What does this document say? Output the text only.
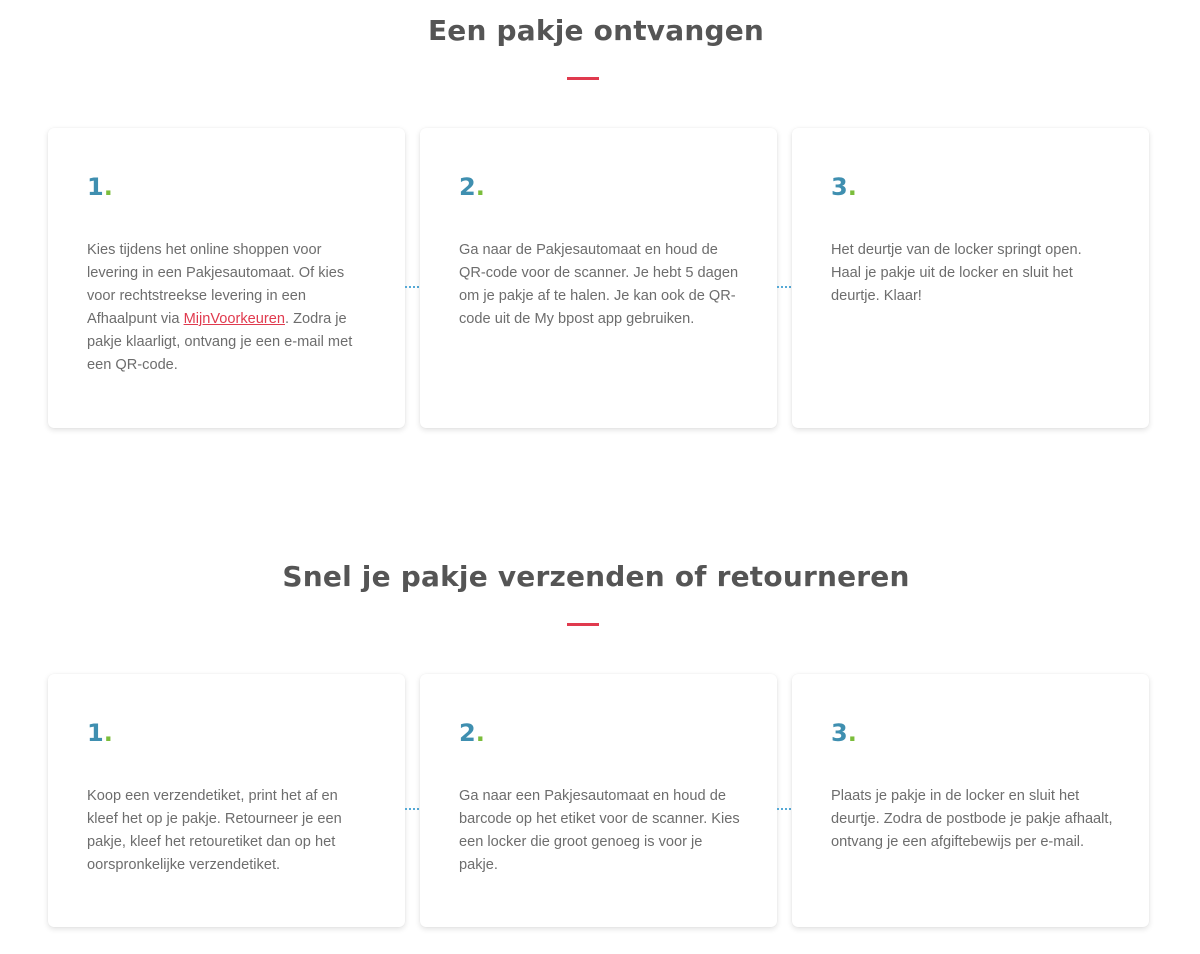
Een pakje ontvangen
1.

Kies tijdens het online shoppen voor levering in een Pakjesautomaat. Of kies voor rechtstreekse levering in een Afhaalpunt via MijnVoorkeuren. Zodra je pakje klaarligt, ontvang je een e-mail met een QR-code.

2.

Ga naar de Pakjesautomaat en houd de QR-code voor de scanner. Je hebt 5 dagen om je pakje af te halen. Je kan ook de QR-code uit de My bpost app gebruiken.

3.

Het deurtje van de locker springt open. Haal je pakje uit de locker en sluit het deurtje. Klaar!

Snel je pakje verzenden of retourneren
1.

Koop een verzendetiket, print het af en kleef het op je pakje. Retourneer je een pakje, kleef het retouretiket dan op het oorspronkelijke verzendetiket.

2.

Ga naar een Pakjesautomaat en houd de barcode op het etiket voor de scanner. Kies een locker die groot genoeg is voor je pakje.

3.

Plaats je pakje in de locker en sluit het deurtje. Zodra de postbode je pakje afhaalt, ontvang je een afgiftebewijs per e-mail.
